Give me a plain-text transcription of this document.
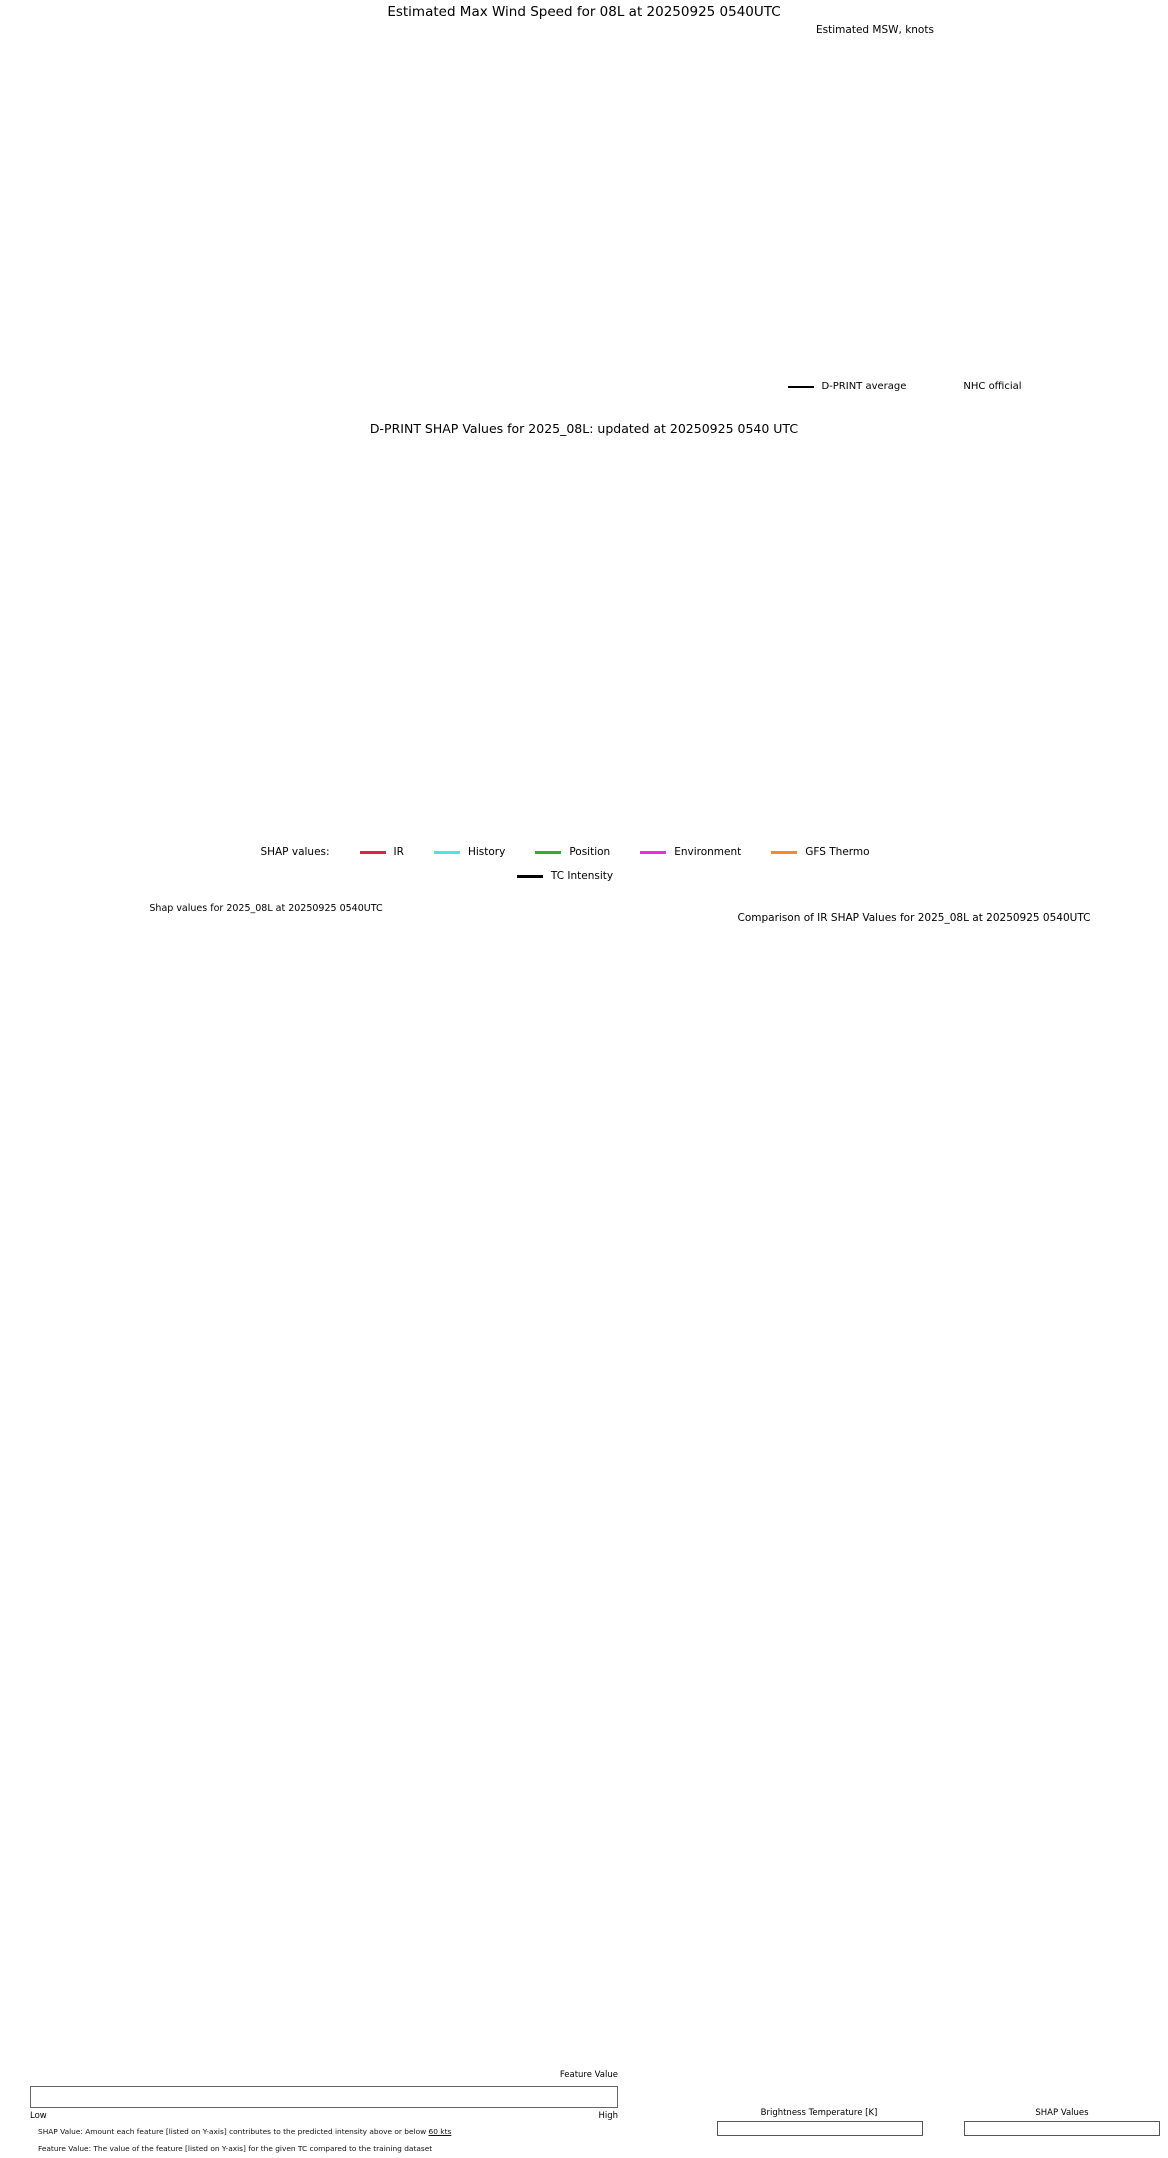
Estimated Max Wind Speed for 08L at 20250925 0540UTC
Estimated MSW, knots
D-PRINT average	NHC official
D-PRINT SHAP Values for 2025_08L: updated at 20250925 0540 UTC
SHAP values:	IR	History	Position	Environment	GFS Thermo
TC Intensity
Shap values for 2025_08L at 20250925 0540UTC
Feature Value
Low	High
SHAP Value: Amount each feature [listed on Y-axis] contributes to the predicted intensity above or below 60 kts
Feature Value: The value of the feature [listed on Y-axis] for the given TC compared to the training dataset
Comparison of IR SHAP Values for 2025_08L at 20250925 0540UTC
Brightness Temperature [K]	SHAP Values
